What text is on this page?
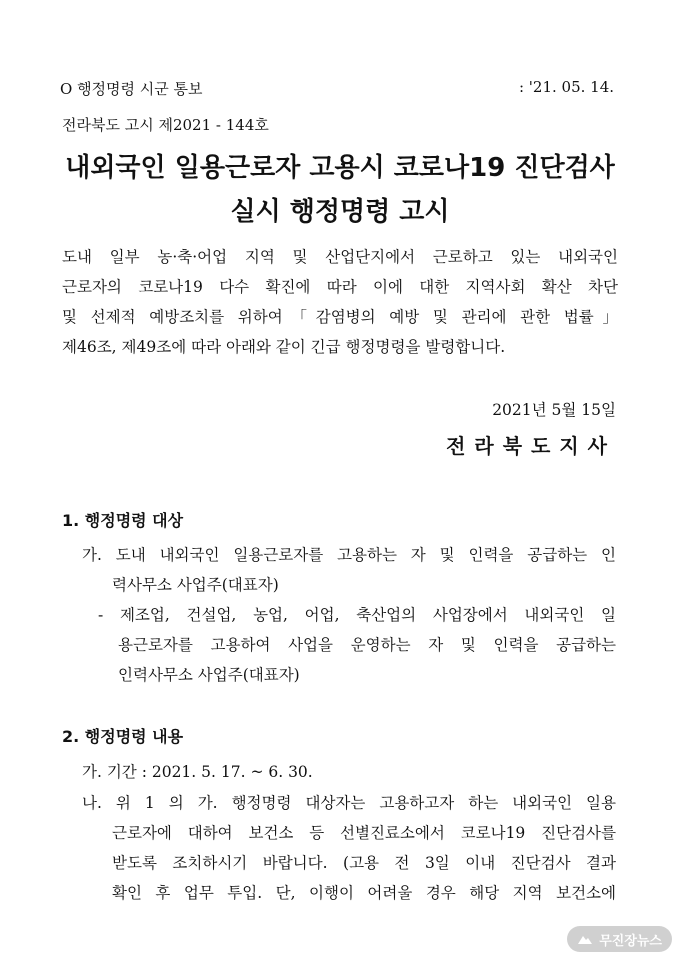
O 행정명령 시군 통보	: '21. 05. 14.
전라북도 고시 제2021 - 144호
내외국인 일용근로자 고용시 코로나19 진단검사
실시 행정명령 고시
도내 일부 농·축·어업 지역 및 산업단지에서 근로하고 있는 내외국인
근로자의 코로나19 다수 확진에 따라 이에 대한 지역사회 확산 차단
및 선제적 예방조치를 위하여「감염병의 예방 및 관리에 관한 법률」
제46조, 제49조에 따라 아래와 같이 긴급 행정명령을 발령합니다.
2021년 5월 15일
전라북도지사
1. 행정명령 대상
가. 도내 내외국인 일용근로자를 고용하는 자 및 인력을 공급하는 인
력사무소 사업주(대표자)
- 제조업, 건설업, 농업, 어업, 축산업의 사업장에서 내외국인 일
용근로자를 고용하여 사업을 운영하는 자 및 인력을 공급하는
인력사무소 사업주(대표자)
2. 행정명령 내용
가. 기간 : 2021. 5. 17. ~ 6. 30.
나. 위 1 의 가. 행정명령 대상자는 고용하고자 하는 내외국인 일용
근로자에 대하여 보건소 등 선별진료소에서 코로나19 진단검사를
받도록 조치하시기 바랍니다. (고용 전 3일 이내 진단검사 결과
확인 후 업무 투입. 단, 이행이 어려울 경우 해당 지역 보건소에
무진장뉴스
